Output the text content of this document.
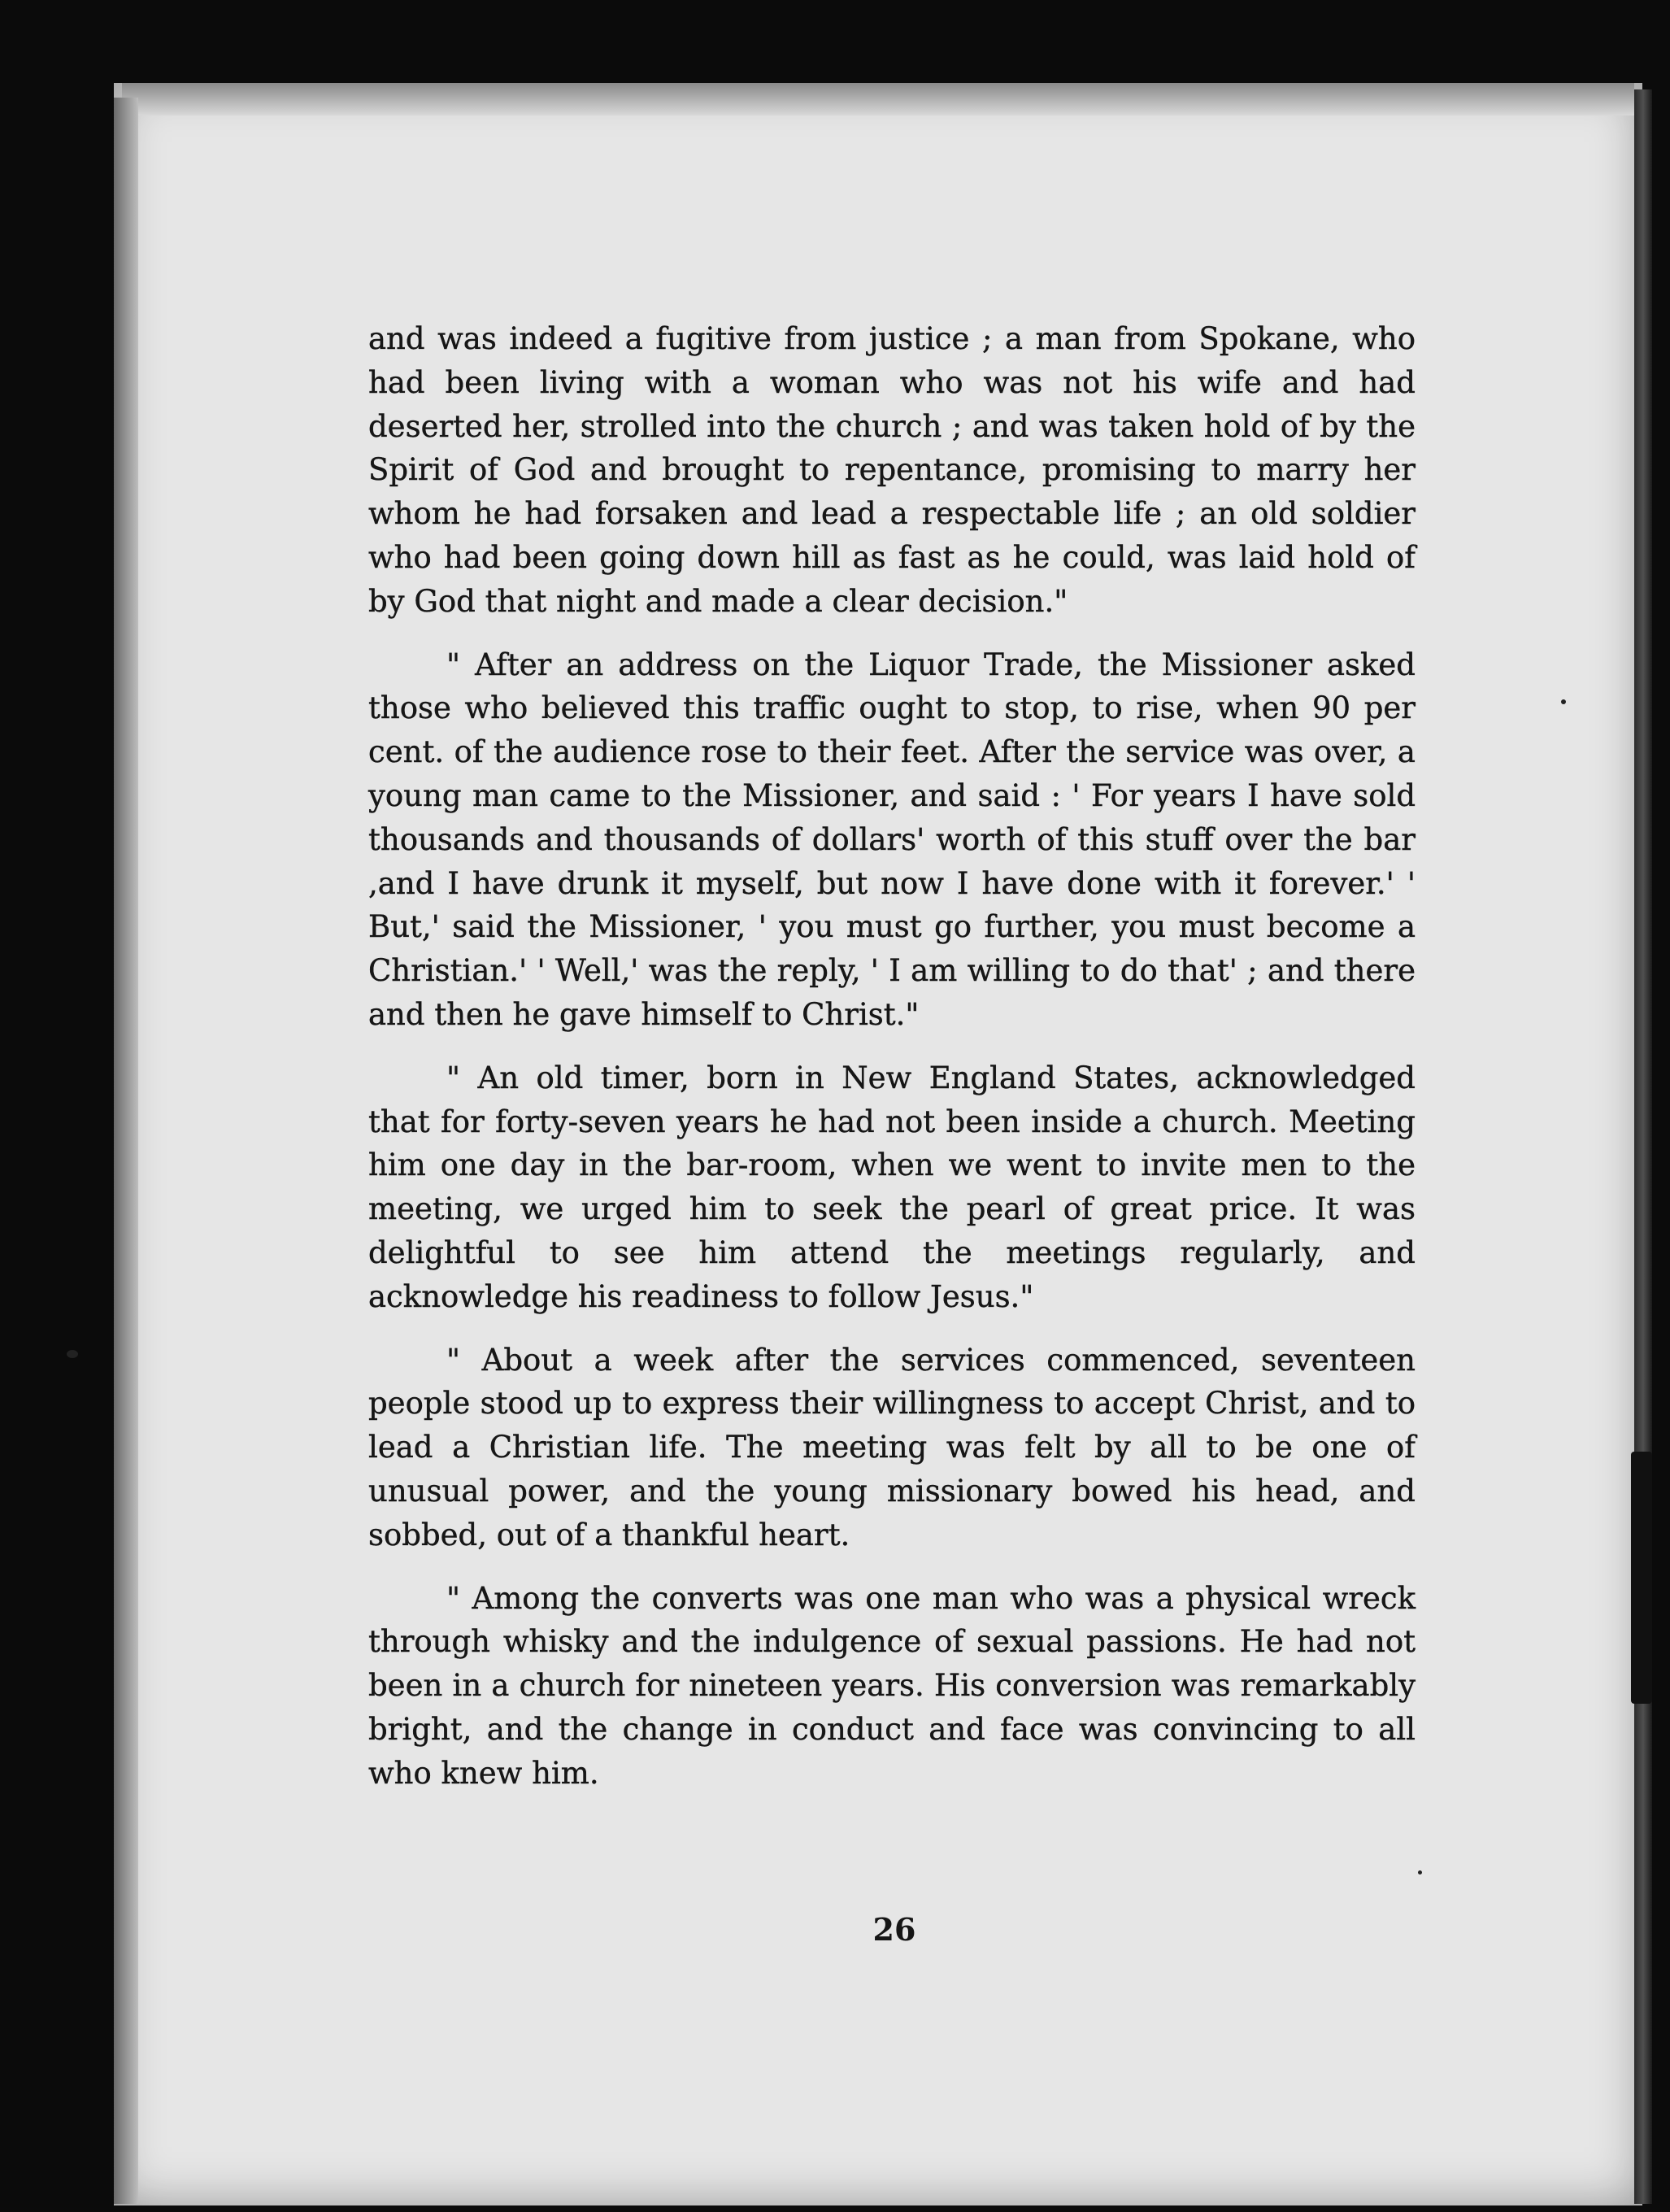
and was indeed a fugitive from justice ; a man from Spokane, who had been living with a woman who was not his wife and had deserted her, strolled into the church ; and was taken hold of by the Spirit of God and brought to repentance, promising to marry her whom he had forsaken and lead a respectable life ; an old soldier who had been going down hill as fast as he could, was laid hold of by God that night and made a clear decision."

" After an address on the Liquor Trade, the Missioner asked those who believed this traffic ought to stop, to rise, when 90 per cent. of the audience rose to their feet. After the service was over, a young man came to the Missioner, and said : ' For years I have sold thousands and thousands of dollars' worth of this stuff over the bar ,and I have drunk it myself, but now I have done with it forever.' ' But,' said the Missioner, ' you must go further, you must become a Christian.' ' Well,' was the reply, ' I am willing to do that' ; and there and then he gave himself to Christ."

" An old timer, born in New England States, acknowledged that for forty-seven years he had not been inside a church. Meeting him one day in the bar-room, when we went to invite men to the meeting, we urged him to seek the pearl of great price. It was delightful to see him attend the meetings regularly, and acknowledge his readiness to follow Jesus."

" About a week after the services commenced, seventeen people stood up to express their willingness to accept Christ, and to lead a Christian life. The meeting was felt by all to be one of unusual power, and the young missionary bowed his head, and sobbed, out of a thankful heart.

" Among the converts was one man who was a physical wreck through whisky and the indulgence of sexual passions. He had not been in a church for nineteen years. His conversion was remarkably bright, and the change in conduct and face was convincing to all who knew him.

26
